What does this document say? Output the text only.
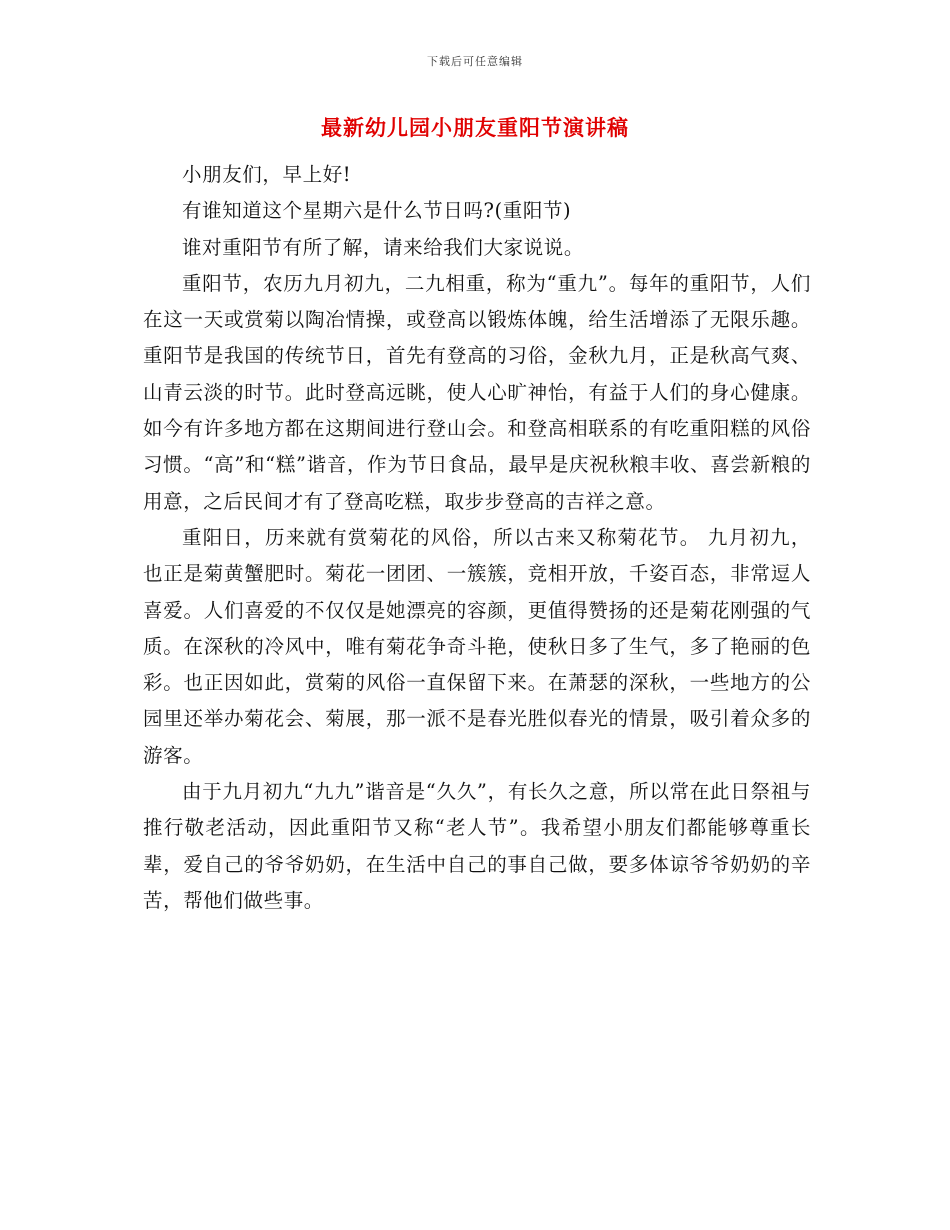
下载后可任意编辑
最新幼儿园小朋友重阳节演讲稿

小朋友们，早上好!

有谁知道这个星期六是什么节日吗?(重阳节)

谁对重阳节有所了解，请来给我们大家说说。

重阳节，农历九月初九，二九相重，称为“重九”。每年的重阳节，人们在这一天或赏菊以陶冶情操，或登高以锻炼体魄，给生活增添了无限乐趣。重阳节是我国的传统节日，首先有登高的习俗，金秋九月，正是秋高气爽、山青云淡的时节。此时登高远眺，使人心旷神怡，有益于人们的身心健康。如今有许多地方都在这期间进行登山会。和登高相联系的有吃重阳糕的风俗习惯。“高”和“糕”谐音，作为节日食品，最早是庆祝秋粮丰收、喜尝新粮的用意，之后民间才有了登高吃糕，取步步登高的吉祥之意。

重阳日，历来就有赏菊花的风俗，所以古来又称菊花节。 九月初九，也正是菊黄蟹肥时。菊花一团团、一簇簇，竞相开放，千姿百态，非常逗人喜爱。人们喜爱的不仅仅是她漂亮的容颜，更值得赞扬的还是菊花刚强的气质。在深秋的冷风中，唯有菊花争奇斗艳，使秋日多了生气，多了艳丽的色彩。也正因如此，赏菊的风俗一直保留下来。在萧瑟的深秋，一些地方的公园里还举办菊花会、菊展，那一派不是春光胜似春光的情景，吸引着众多的游客。

由于九月初九“九九”谐音是“久久”，有长久之意，所以常在此日祭祖与推行敬老活动，因此重阳节又称“老人节”。我希望小朋友们都能够尊重长辈，爱自己的爷爷奶奶，在生活中自己的事自己做，要多体谅爷爷奶奶的辛苦，帮他们做些事。
